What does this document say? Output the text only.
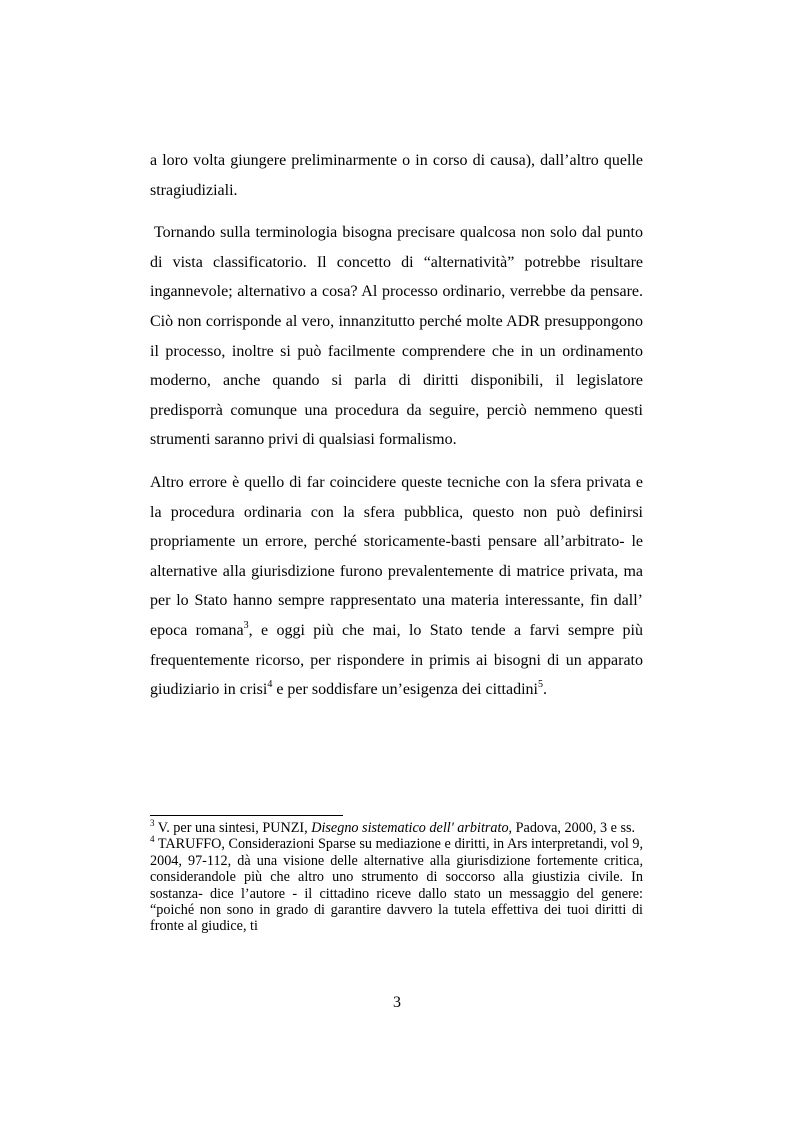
a loro volta giungere preliminarmente o in corso di causa), dall’altro quelle stragiudiziali.

Tornando sulla terminologia bisogna precisare qualcosa non solo dal punto di vista classificatorio. Il concetto di “alternatività” potrebbe risultare ingannevole; alternativo a cosa? Al processo ordinario, verrebbe da pensare. Ciò non corrisponde al vero, innanzitutto perché molte ADR presuppongono il processo, inoltre si può facilmente comprendere che in un ordinamento moderno, anche quando si parla di diritti disponibili, il legislatore predisporrà comunque una procedura da seguire, perciò nemmeno questi strumenti saranno privi di qualsiasi formalismo.

Altro errore è quello di far coincidere queste tecniche con la sfera privata e la procedura ordinaria con la sfera pubblica, questo non può definirsi propriamente un errore, perché storicamente-basti pensare all’arbitrato- le alternative alla giurisdizione furono prevalentemente di matrice privata, ma per lo Stato hanno sempre rappresentato una materia interessante, fin dall’ epoca romana$^3$, e oggi più che mai, lo Stato tende a farvi sempre più frequentemente ricorso, per rispondere in primis ai bisogni di un apparato giudiziario in crisi$^4$ e per soddisfare un’esigenza dei cittadini$^5$.

$^3$ V. per una sintesi, PUNZI, Disegno sistematico dell' arbitrato, Padova, 2000, 3 e ss.

$^4$ TARUFFO, Considerazioni Sparse su mediazione e diritti, in Ars interpretandi, vol 9, 2004, 97-112, dà una visione delle alternative alla giurisdizione fortemente critica, considerandole più che altro uno strumento di soccorso alla giustizia civile. In sostanza- dice l’autore - il cittadino riceve dallo stato un messaggio del genere: “poiché non sono in grado di garantire davvero la tutela effettiva dei tuoi diritti di fronte al giudice, ti

3
